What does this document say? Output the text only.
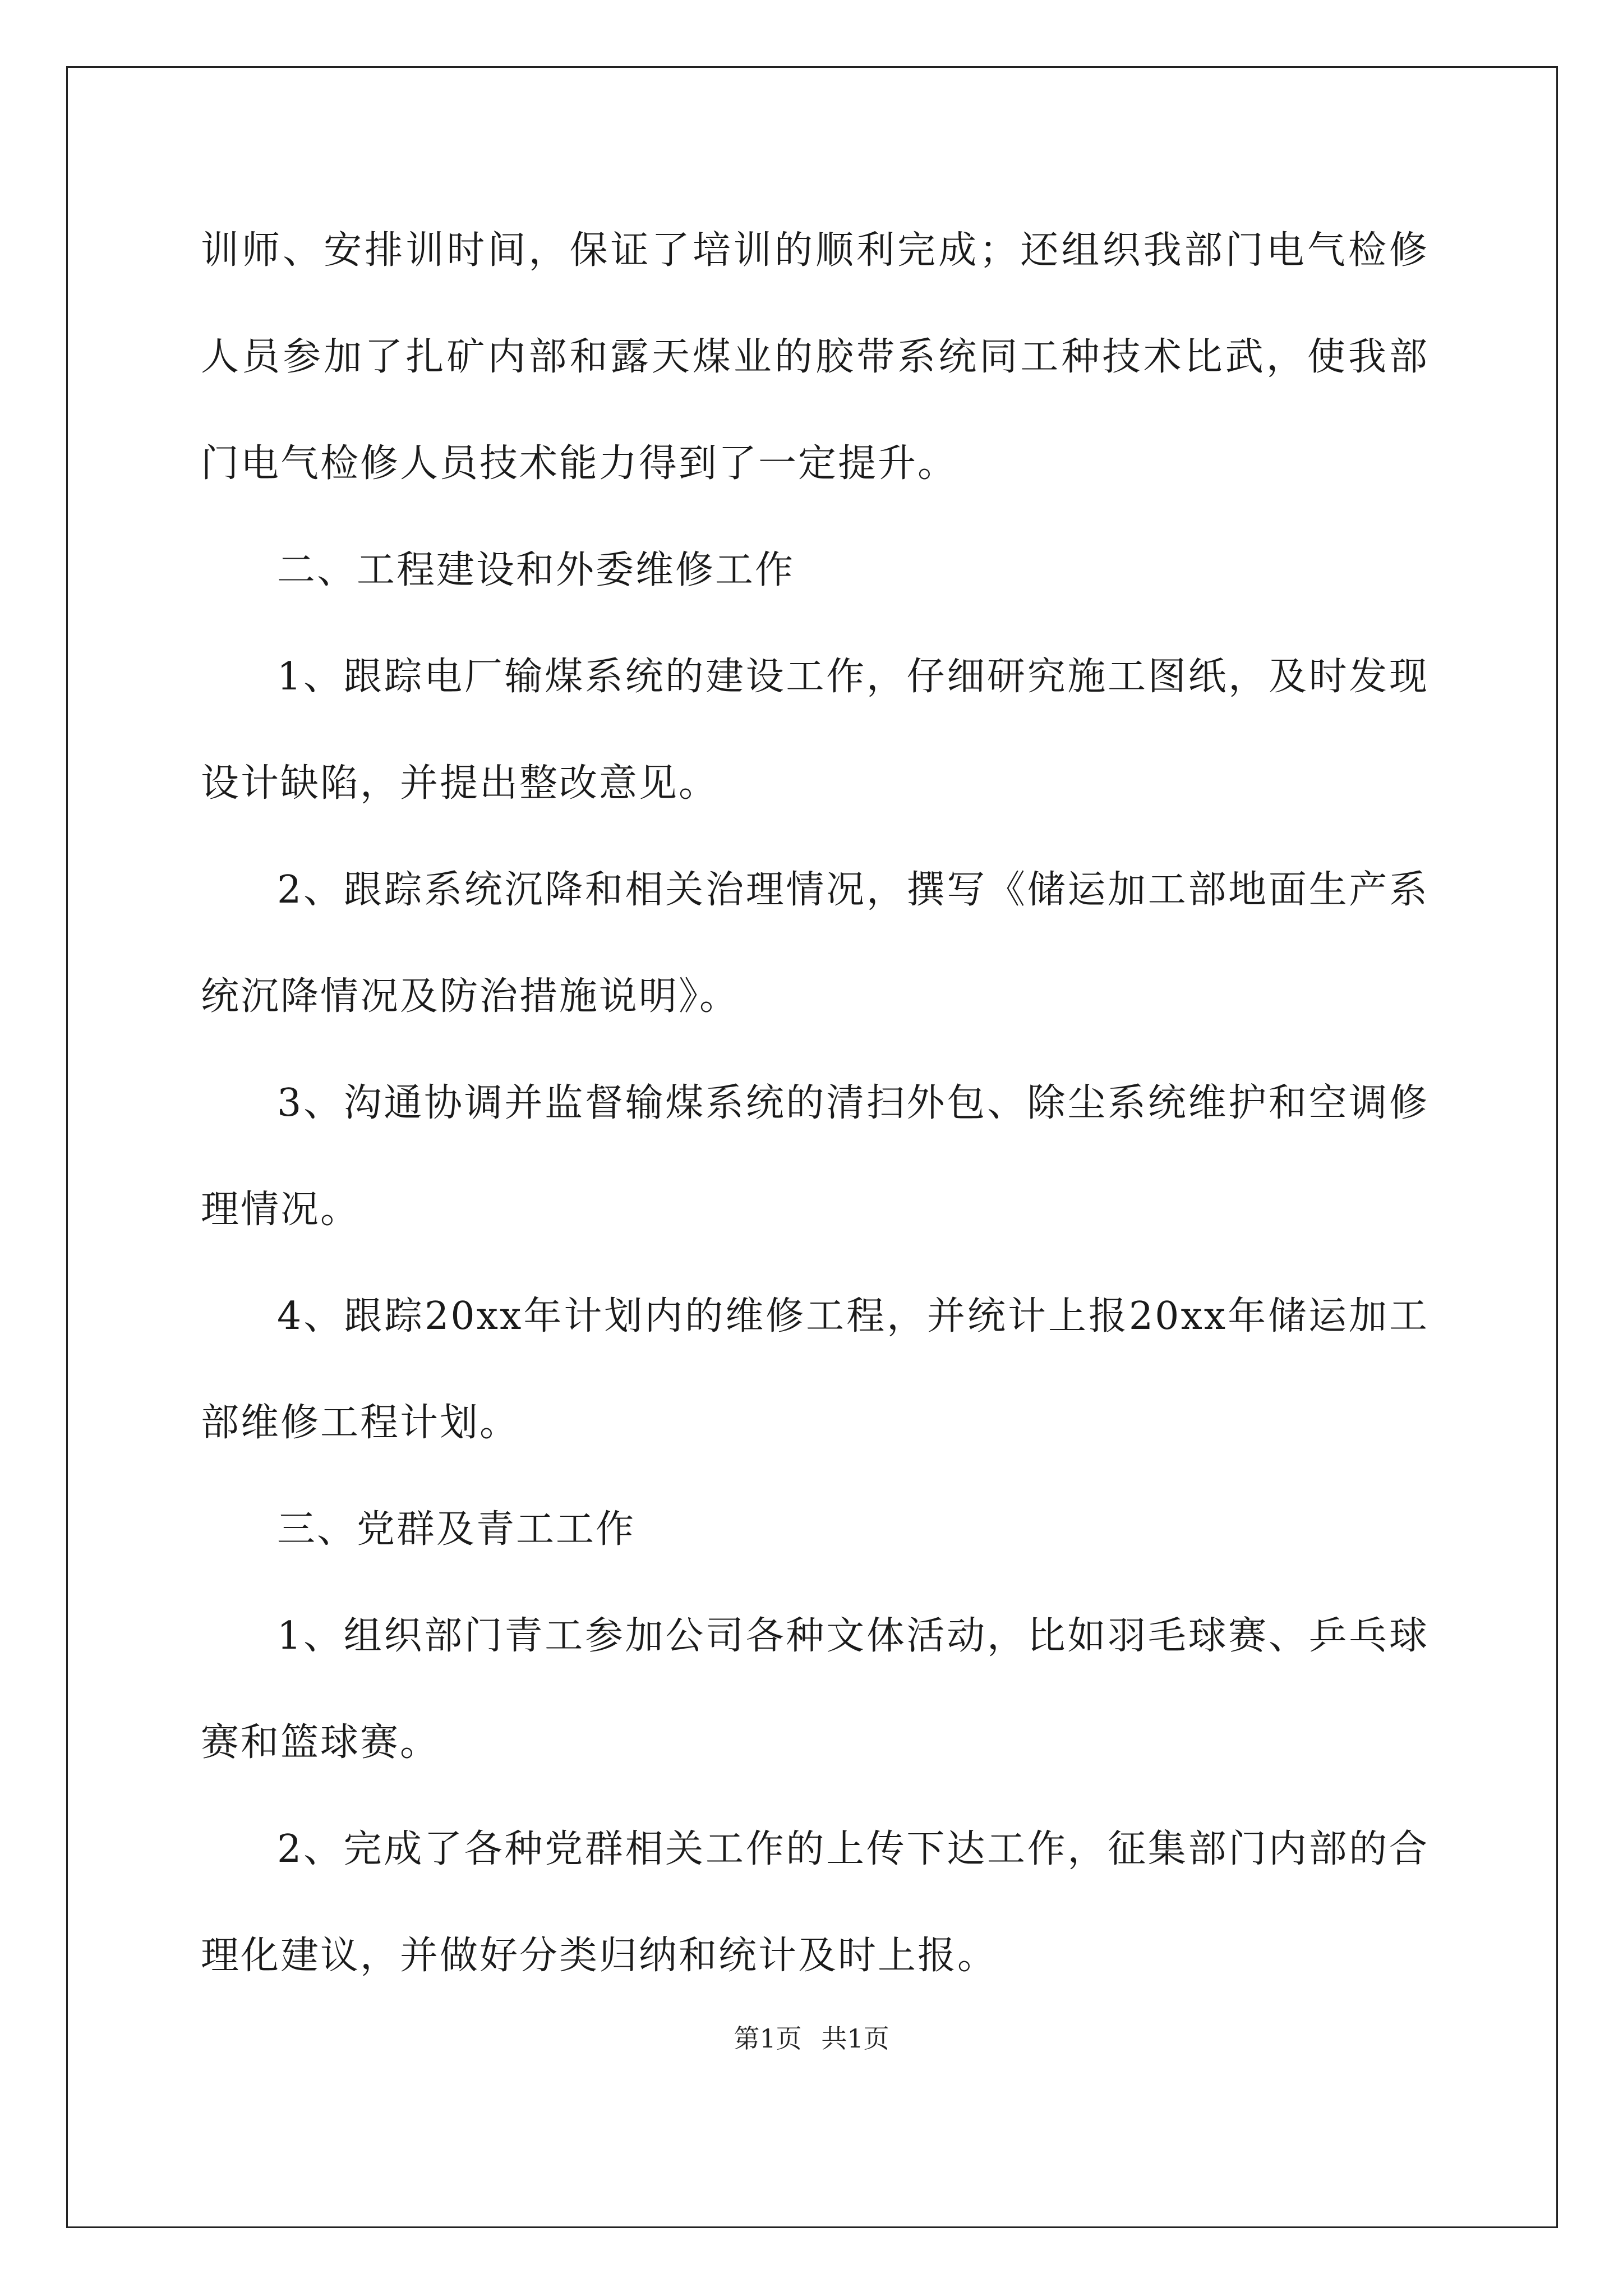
训师、安排训时间，保证了培训的顺利完成；还组织我部门电气检修
人员参加了扎矿内部和露天煤业的胶带系统同工种技术比武，使我部
门电气检修人员技术能力得到了一定提升。
二、工程建设和外委维修工作
1、跟踪电厂输煤系统的建设工作，仔细研究施工图纸，及时发现
设计缺陷，并提出整改意见。
2、跟踪系统沉降和相关治理情况，撰写《储运加工部地面生产系
统沉降情况及防治措施说明》。
3、沟通协调并监督输煤系统的清扫外包、除尘系统维护和空调修
理情况。
4、跟踪20xx年计划内的维修工程，并统计上报20xx年储运加工
部维修工程计划。
三、党群及青工工作
1、组织部门青工参加公司各种文体活动，比如羽毛球赛、乒乓球
赛和篮球赛。
2、完成了各种党群相关工作的上传下达工作，征集部门内部的合
理化建议，并做好分类归纳和统计及时上报。
第1页 共1页
